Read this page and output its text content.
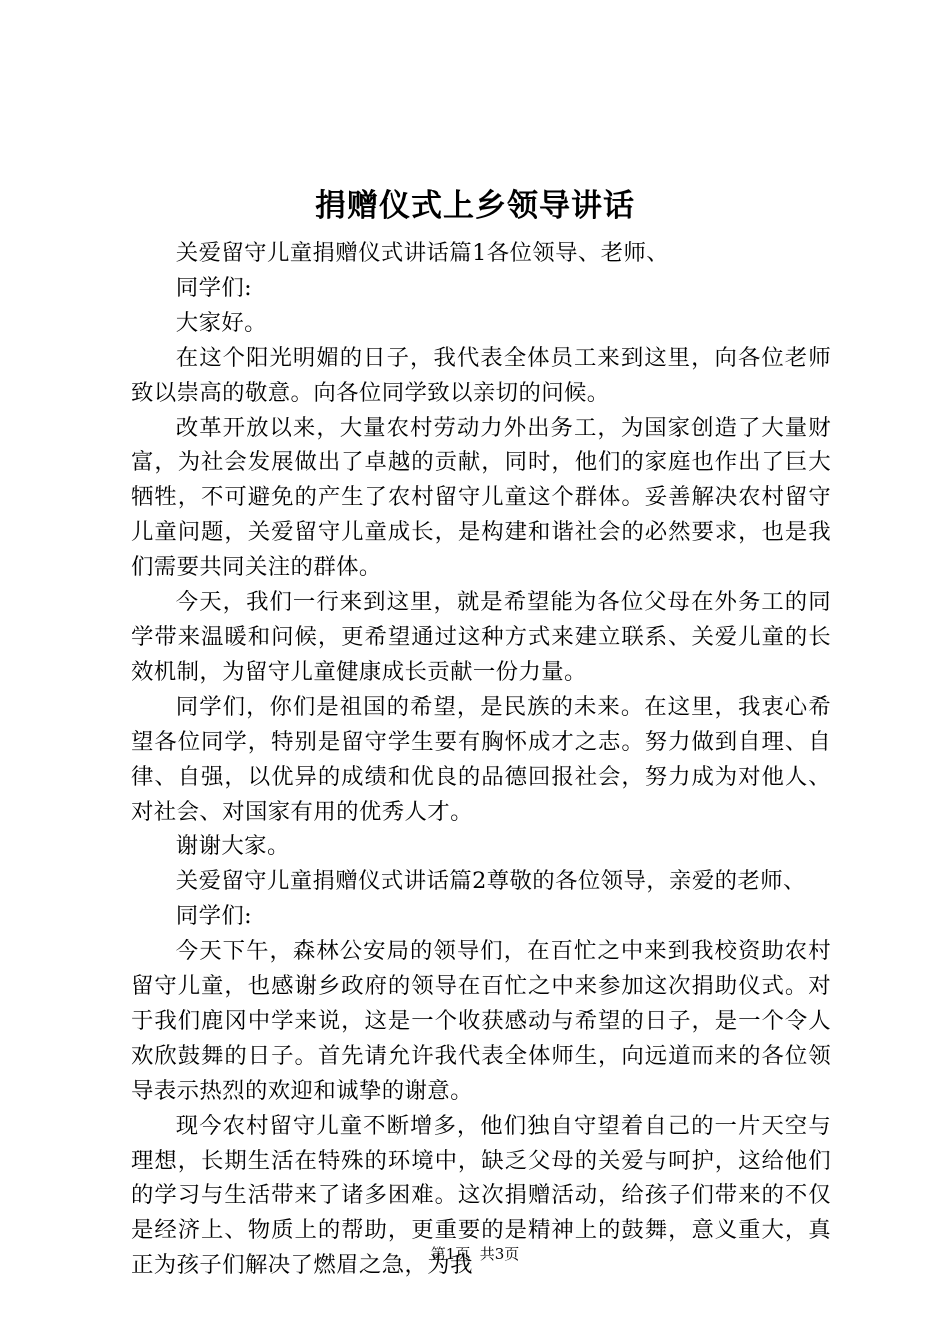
捐赠仪式上乡领导讲话

关爱留守儿童捐赠仪式讲话篇1各位领导、老师、

同学们:

大家好。

在这个阳光明媚的日子，我代表全体员工来到这里，向各位老师致以崇高的敬意。向各位同学致以亲切的问候。

改革开放以来，大量农村劳动力外出务工，为国家创造了大量财富，为社会发展做出了卓越的贡献，同时，他们的家庭也作出了巨大牺牲，不可避免的产生了农村留守儿童这个群体。妥善解决农村留守儿童问题，关爱留守儿童成长，是构建和谐社会的必然要求，也是我们需要共同关注的群体。

今天，我们一行来到这里，就是希望能为各位父母在外务工的同学带来温暖和问候，更希望通过这种方式来建立联系、关爱儿童的长效机制，为留守儿童健康成长贡献一份力量。

同学们，你们是祖国的希望，是民族的未来。在这里，我衷心希望各位同学，特别是留守学生要有胸怀成才之志。努力做到自理、自律、自强，以优异的成绩和优良的品德回报社会，努力成为对他人、对社会、对国家有用的优秀人才。

谢谢大家。

关爱留守儿童捐赠仪式讲话篇2尊敬的各位领导，亲爱的老师、

同学们:

今天下午，森林公安局的领导们，在百忙之中来到我校资助农村留守儿童，也感谢乡政府的领导在百忙之中来参加这次捐助仪式。对于我们鹿冈中学来说，这是一个收获感动与希望的日子，是一个令人欢欣鼓舞的日子。首先请允许我代表全体师生，向远道而来的各位领导表示热烈的欢迎和诚挚的谢意。

现今农村留守儿童不断增多，他们独自守望着自己的一片天空与理想，长期生活在特殊的环境中，缺乏父母的关爱与呵护，这给他们的学习与生活带来了诸多困难。这次捐赠活动，给孩子们带来的不仅是经济上、物质上的帮助，更重要的是精神上的鼓舞，意义重大，真正为孩子们解决了燃眉之急，为我

第1页  共3页
